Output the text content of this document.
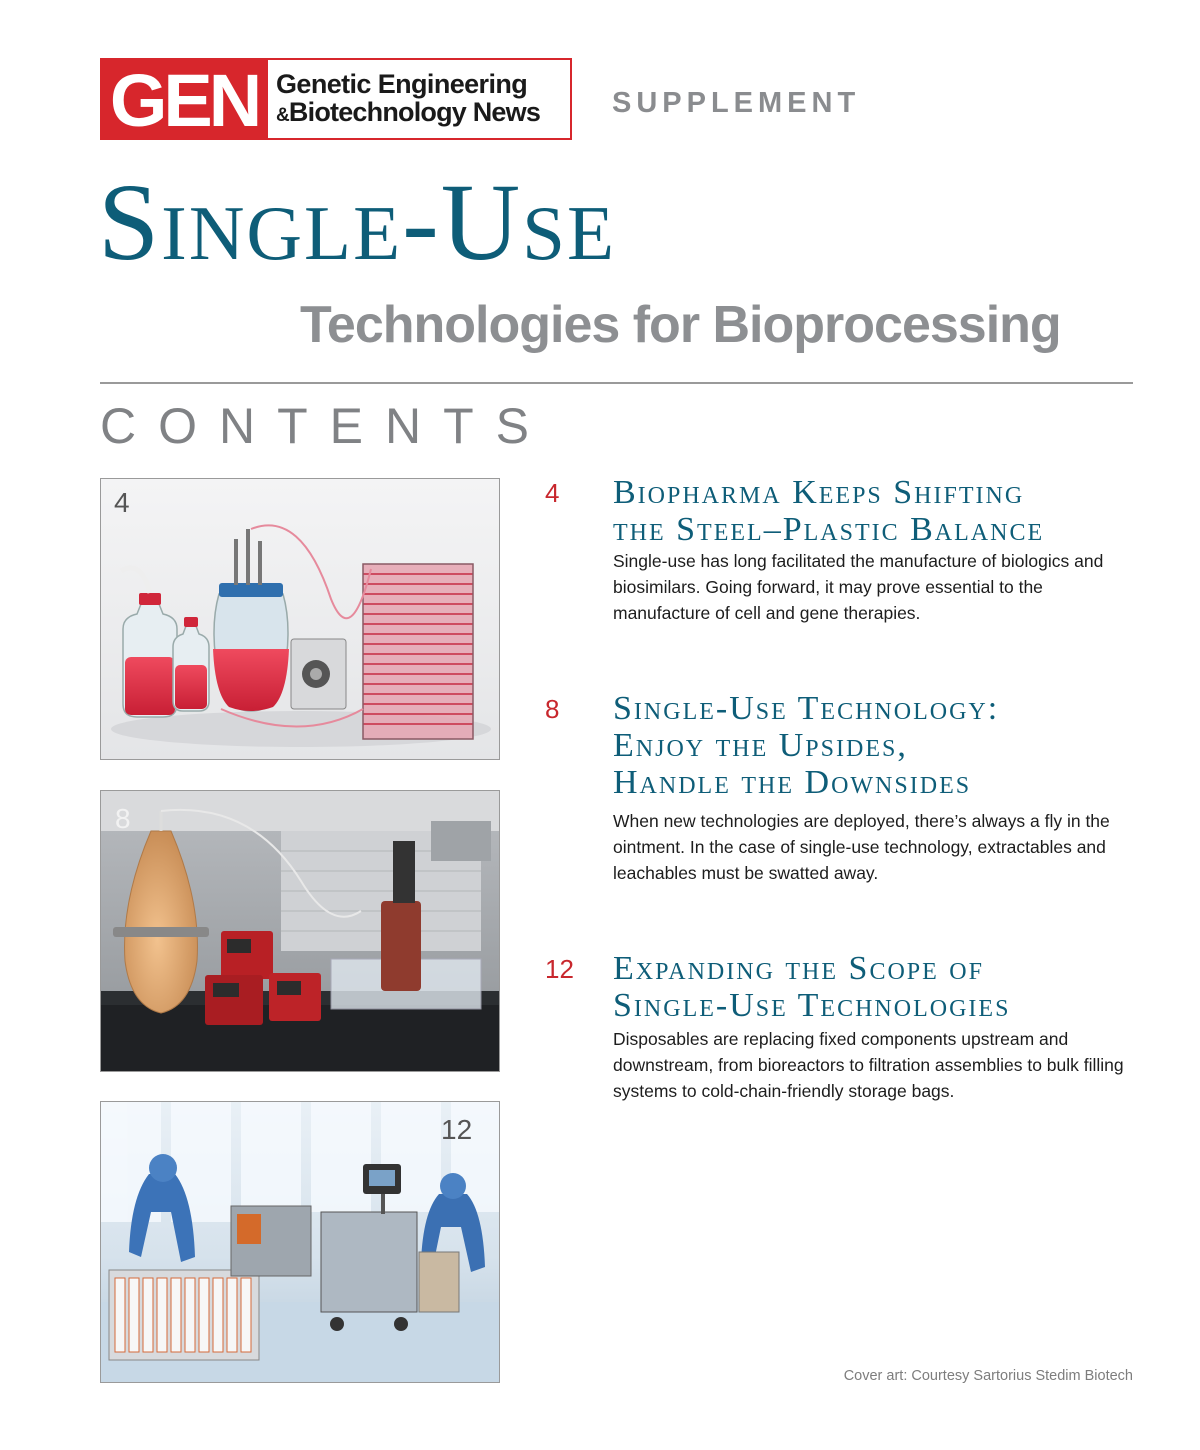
GEN Genetic Engineering
&Biotechnology News	SUPPLEMENT
Single-Use
Technologies for Bioprocessing
CONTENTS
4
8
12
4 Biopharma Keeps Shifting
the Steel–Plastic Balance
Single-use has long facilitated the manufacture of biologics and biosimilars. Going forward, it may prove essential to the manufacture of cell and gene therapies.
8 Single-Use Technology:
Enjoy the Upsides,
Handle the Downsides
When new technologies are deployed, there’s always a fly in the ointment. In the case of single-use technology, extractables and leachables must be swatted away.
12 Expanding the Scope of
Single-Use Technologies
Disposables are replacing fixed components upstream and downstream, from bioreactors to filtration assemblies to bulk filling systems to cold-chain-friendly storage bags.
Cover art: Courtesy Sartorius Stedim Biotech
